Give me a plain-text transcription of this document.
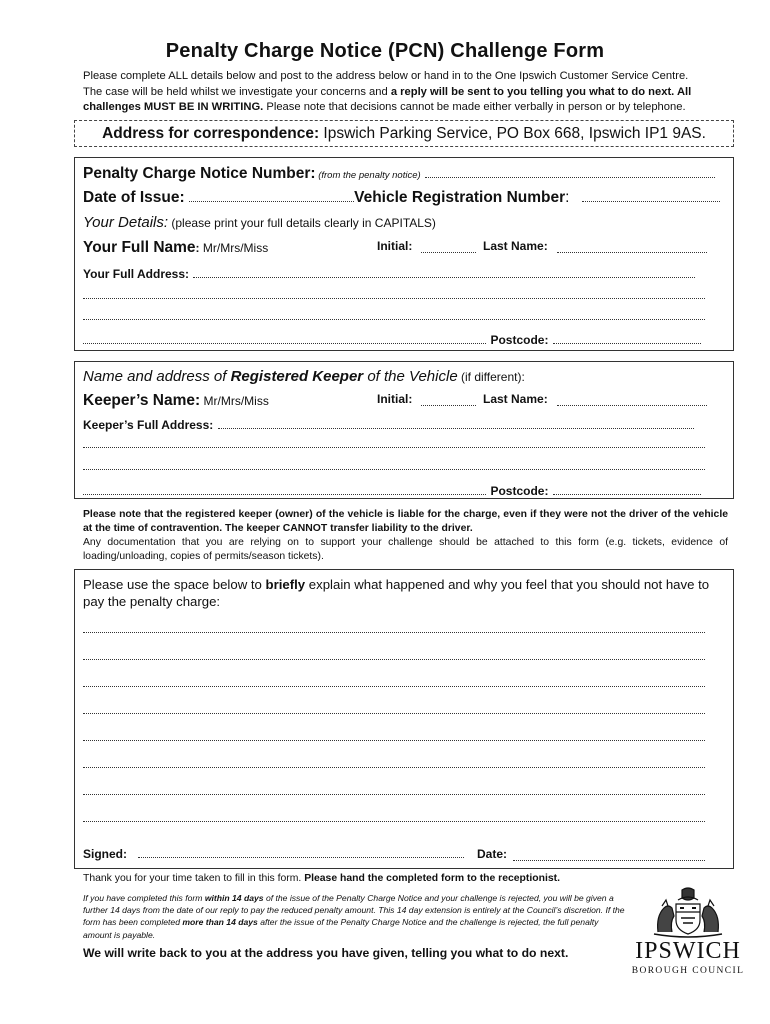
Penalty Charge Notice (PCN) Challenge Form
Please complete ALL details below and post to the address below or hand in to the One Ipswich Customer Service Centre.
The case will be held whilst we investigate your concerns and a reply will be sent to you telling you what to do next. All
challenges MUST BE IN WRITING. Please note that decisions cannot be made either verbally in person or by telephone.
Address for correspondence: Ipswich Parking Service, PO Box 668, Ipswich IP1 9AS.
Penalty Charge Notice Number: (from the penalty notice)
Date of Issue:	Vehicle Registration Number:
Your Details: (please print your full details clearly in CAPITALS)
Your Full Name: Mr/Mrs/Miss	Initial:	Last Name:
Your Full Address:
Postcode:
Name and address of Registered Keeper of the Vehicle (if different):
Keeper’s Name: Mr/Mrs/Miss	Initial:	Last Name:
Keeper’s Full Address:
Postcode:
Please note that the registered keeper (owner) of the vehicle is liable for the charge, even if they were not the driver of the vehicle at the time of contravention. The keeper CANNOT transfer liability to the driver.
Any documentation that you are relying on to support your challenge should be attached to this form (e.g. tickets, evidence of loading/unloading, copies of permits/season tickets).
Please use the space below to briefly explain what happened and why you feel that you should not have to pay the penalty charge:
Signed:	Date:
Thank you for your time taken to fill in this form. Please hand the completed form to the receptionist.
If you have completed this form within 14 days of the issue of the Penalty Charge Notice and your challenge is rejected, you will be given a further 14 days from the date of our reply to pay the reduced penalty amount. This 14 day extension is entirely at the Council’s discretion. If the form has been completed more than 14 days after the issue of the Penalty Charge Notice and the challenge is rejected, the full penalty amount is payable.
We will write back to you at the address you have given, telling you what to do next.	IPSWICH
BOROUGH COUNCIL
